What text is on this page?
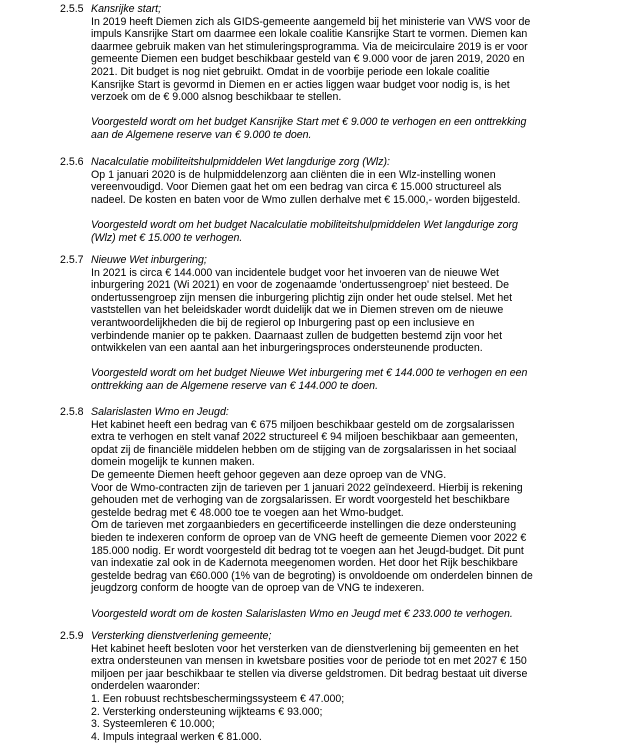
2.5.5 Kansrijke start;
In 2019 heeft Diemen zich als GIDS-gemeente aangemeld bij het ministerie van VWS voor de
impuls Kansrijke Start om daarmee een lokale coalitie Kansrijke Start te vormen. Diemen kan
daarmee gebruik maken van het stimuleringsprogramma. Via de meicirculaire 2019 is er voor
gemeente Diemen een budget beschikbaar gesteld van € 9.000 voor de jaren 2019, 2020 en
2021. Dit budget is nog niet gebruikt. Omdat in de voorbije periode een lokale coalitie
Kansrijke Start is gevormd in Diemen en er acties liggen waar budget voor nodig is, is het
verzoek om de € 9.000 alsnog beschikbaar te stellen.
Voorgesteld wordt om het budget Kansrijke Start met € 9.000 te verhogen en een onttrekking
aan de Algemene reserve van € 9.000 te doen.
2.5.6 Nacalculatie mobiliteitshulpmiddelen Wet langdurige zorg (Wlz):
Op 1 januari 2020 is de hulpmiddelenzorg aan cliënten die in een Wlz-instelling wonen
vereenvoudigd. Voor Diemen gaat het om een bedrag van circa € 15.000 structureel als
nadeel. De kosten en baten voor de Wmo zullen derhalve met € 15.000,- worden bijgesteld.
Voorgesteld wordt om het budget Nacalculatie mobiliteitshulpmiddelen Wet langdurige zorg
(Wlz) met € 15.000 te verhogen.
2.5.7 Nieuwe Wet inburgering;
In 2021 is circa € 144.000 van incidentele budget voor het invoeren van de nieuwe Wet
inburgering 2021 (Wi 2021) en voor de zogenaamde 'ondertussengroep' niet besteed. De
ondertussengroep zijn mensen die inburgering plichtig zijn onder het oude stelsel. Met het
vaststellen van het beleidskader wordt duidelijk dat we in Diemen streven om de nieuwe
verantwoordelijkheden die bij de regierol op Inburgering past op een inclusieve en
verbindende manier op te pakken. Daarnaast zullen de budgetten bestemd zijn voor het
ontwikkelen van een aantal aan het inburgeringsproces ondersteunende producten.
Voorgesteld wordt om het budget Nieuwe Wet inburgering met € 144.000 te verhogen en een
onttrekking aan de Algemene reserve van € 144.000 te doen.
2.5.8 Salarislasten Wmo en Jeugd:
Het kabinet heeft een bedrag van € 675 miljoen beschikbaar gesteld om de zorgsalarissen
extra te verhogen en stelt vanaf 2022 structureel € 94 miljoen beschikbaar aan gemeenten,
opdat zij de financiële middelen hebben om de stijging van de zorgsalarissen in het sociaal
domein mogelijk te kunnen maken.
De gemeente Diemen heeft gehoor gegeven aan deze oproep van de VNG.
Voor de Wmo-contracten zijn de tarieven per 1 januari 2022 geïndexeerd. Hierbij is rekening
gehouden met de verhoging van de zorgsalarissen. Er wordt voorgesteld het beschikbare
gestelde bedrag met € 48.000 toe te voegen aan het Wmo-budget.
Om de tarieven met zorgaanbieders en gecertificeerde instellingen die deze ondersteuning
bieden te indexeren conform de oproep van de VNG heeft de gemeente Diemen voor 2022 €
185.000 nodig. Er wordt voorgesteld dit bedrag tot te voegen aan het Jeugd-budget. Dit punt
van indexatie zal ook in de Kadernota meegenomen worden. Het door het Rijk beschikbare
gestelde bedrag van €60.000 (1% van de begroting) is onvoldoende om onderdelen binnen de
jeugdzorg conform de hoogte van de oproep van de VNG te indexeren.
Voorgesteld wordt om de kosten Salarislasten Wmo en Jeugd met € 233.000 te verhogen.
2.5.9 Versterking dienstverlening gemeente;
Het kabinet heeft besloten voor het versterken van de dienstverlening bij gemeenten en het
extra ondersteunen van mensen in kwetsbare posities voor de periode tot en met 2027 € 150
miljoen per jaar beschikbaar te stellen via diverse geldstromen. Dit bedrag bestaat uit diverse
onderdelen waaronder:
1. Een robuust rechtsbeschermingssysteem € 47.000;
2. Versterking ondersteuning wijkteams € 93.000;
3. Systeemleren € 10.000;
4. Impuls integraal werken € 81.000.
